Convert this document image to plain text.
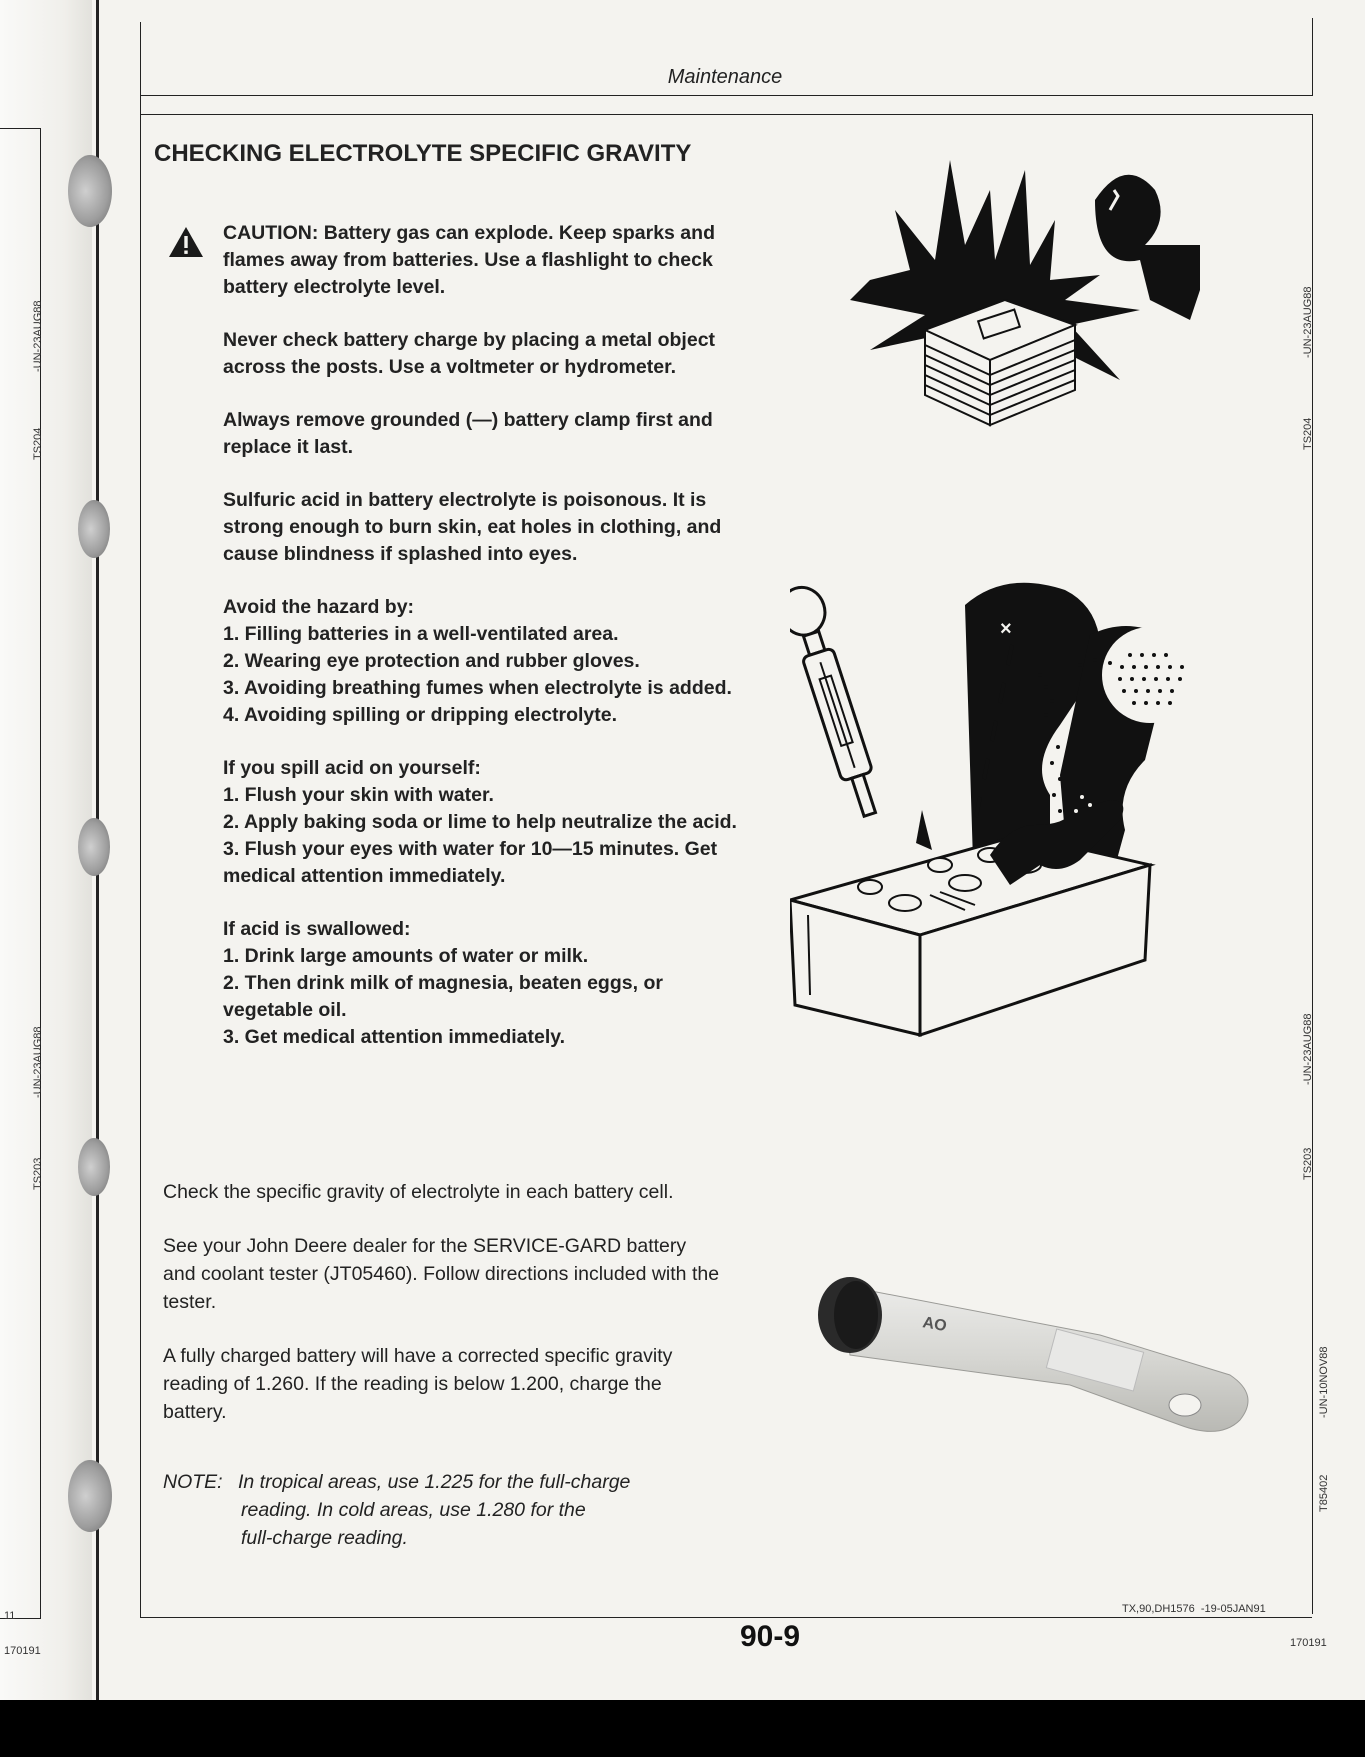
TS204
-UN-23AUG88
TS203
-UN-23AUG88
11
170191
TS204
-UN-23AUG88
TS203
-UN-23AUG88
T85402
-UN-10NOV88
170191
Maintenance
CHECKING ELECTROLYTE SPECIFIC GRAVITY

CAUTION: Battery gas can explode. Keep sparks and flames away from batteries. Use a flashlight to check battery electrolyte level.

Never check battery charge by placing a metal object across the posts. Use a voltmeter or hydrometer.

Always remove grounded (—) battery clamp first and replace it last.

Sulfuric acid in battery electrolyte is poisonous. It is strong enough to burn skin, eat holes in clothing, and cause blindness if splashed into eyes.

Avoid the hazard by:
1. Filling batteries in a well-ventilated area.
2. Wearing eye protection and rubber gloves.
3. Avoiding breathing fumes when electrolyte is added.
4. Avoiding spilling or dripping electrolyte.
If you spill acid on yourself:
1. Flush your skin with water.
2. Apply baking soda or lime to help neutralize the acid.
3. Flush your eyes with water for 10—15 minutes. Get medical attention immediately.
If acid is swallowed:
1. Drink large amounts of water or milk.
2. Then drink milk of magnesia, beaten eggs, or vegetable oil.
3. Get medical attention immediately.

Check the specific gravity of electrolyte in each battery cell.

See your John Deere dealer for the SERVICE-GARD battery and coolant tester (JT05460). Follow directions included with the tester.

A fully charged battery will have a corrected specific gravity reading of 1.260. If the reading is below 1.200, charge the battery.

NOTE: In tropical areas, use 1.225 for the full-charge
reading. In cold areas, use 1.280 for the
full-charge reading.
×
AO
TX,90,DH1576 -19-05JAN91
90-9
